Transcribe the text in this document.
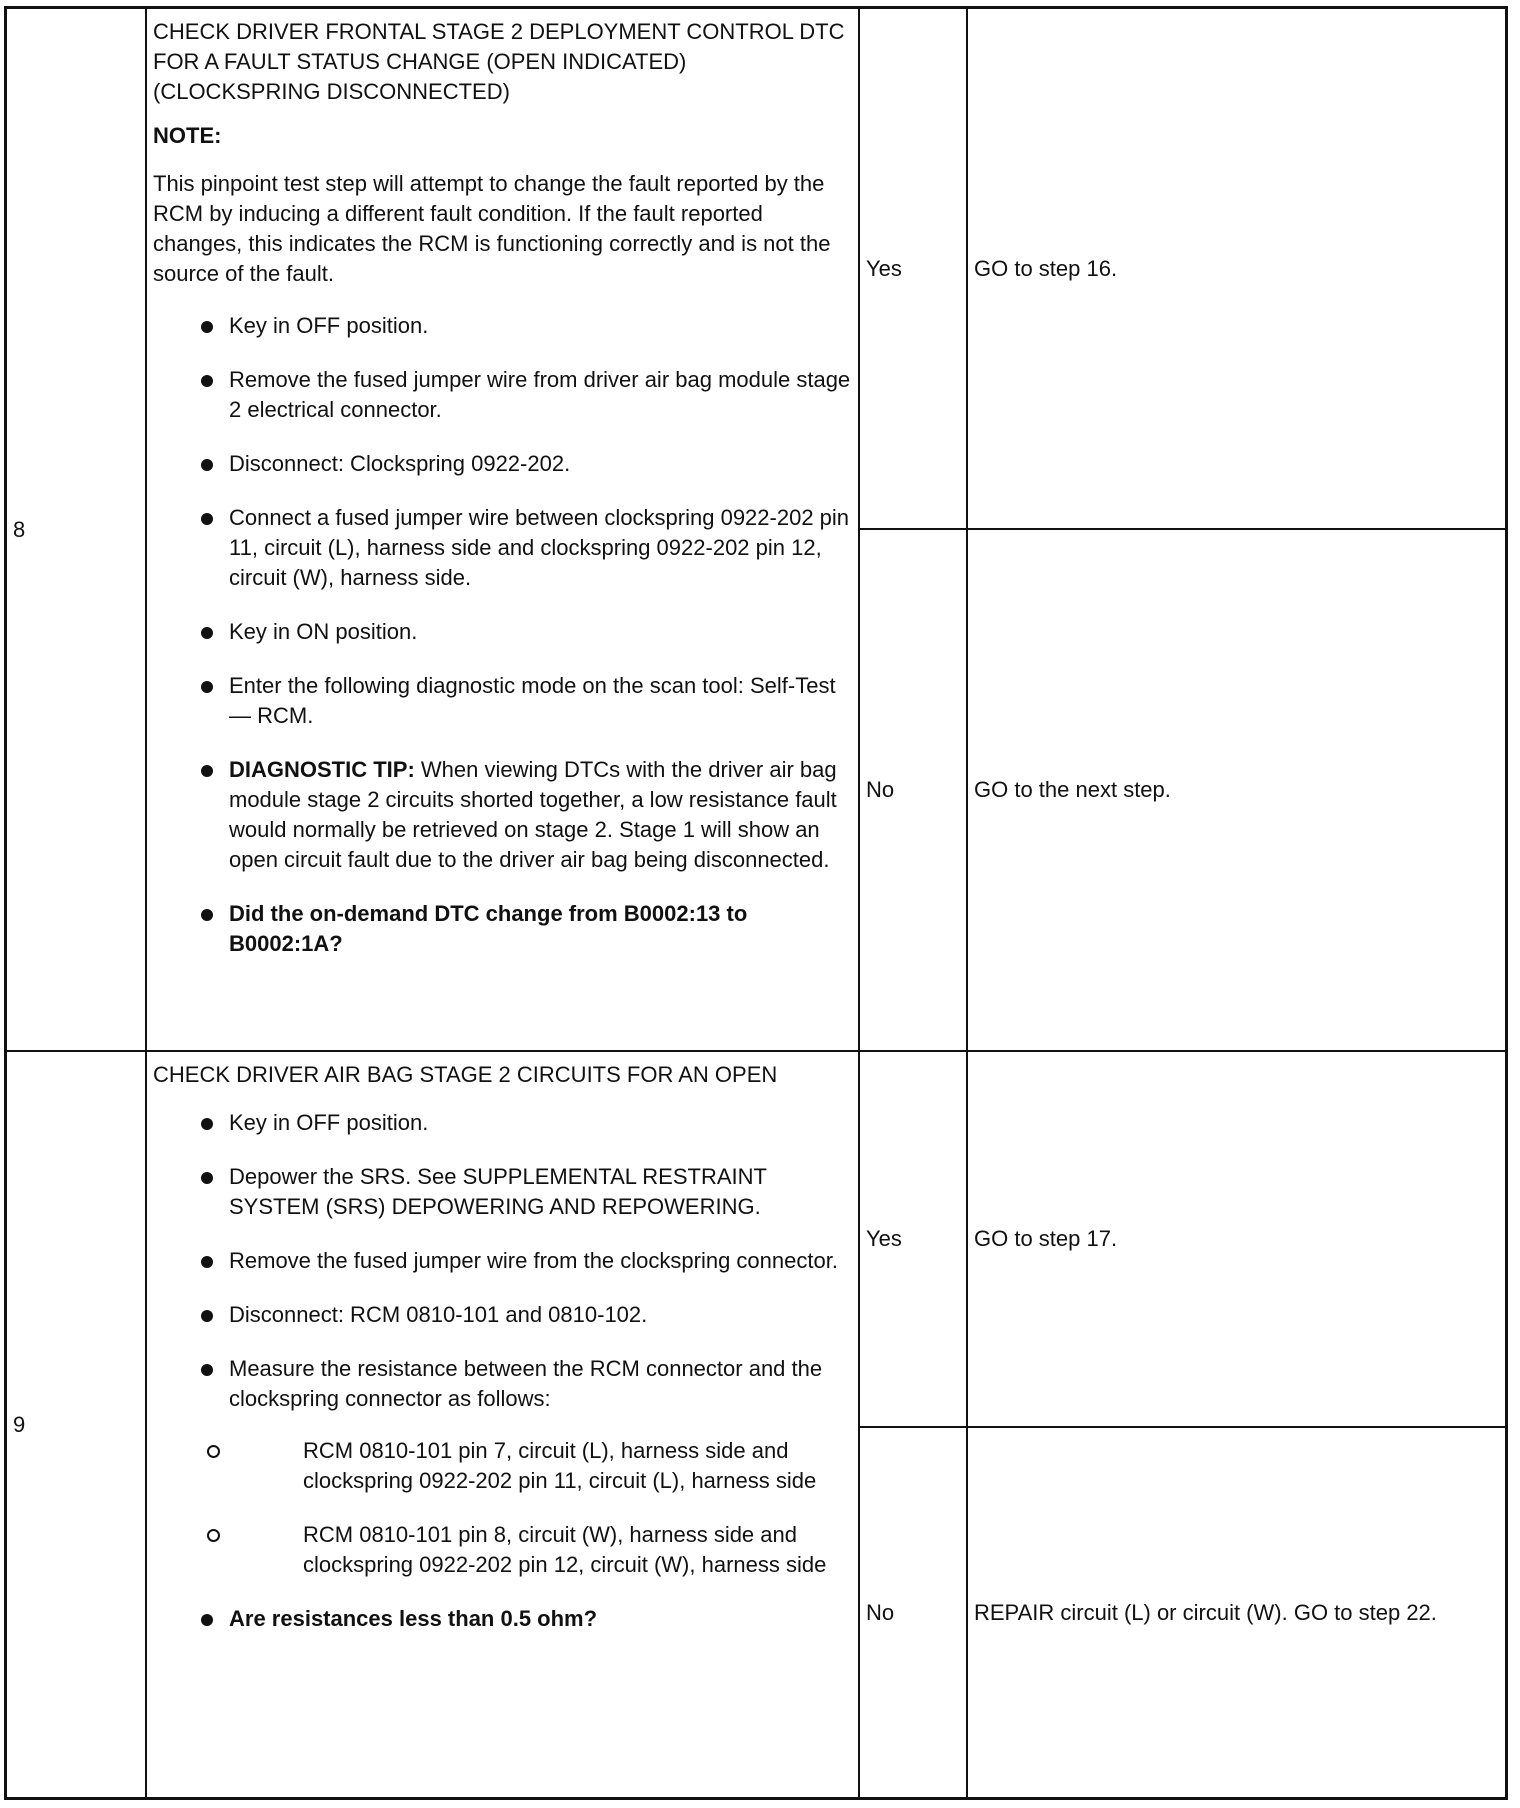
8
CHECK DRIVER FRONTAL STAGE 2 DEPLOYMENT CONTROL DTC FOR A FAULT STATUS CHANGE (OPEN INDICATED) (CLOCKSPRING DISCONNECTED)
NOTE:
This pinpoint test step will attempt to change the fault reported by the RCM by inducing a different fault condition. If the fault reported changes, this indicates the RCM is functioning correctly and is not the source of the fault.
Key in OFF position.
Remove the fused jumper wire from driver air bag module stage 2 electrical connector.
Disconnect: Clockspring 0922-202.
Connect a fused jumper wire between clockspring 0922-202 pin 11, circuit (L), harness side and clockspring 0922-202 pin 12, circuit (W), harness side.
Key in ON position.
Enter the following diagnostic mode on the scan tool: Self-Test — RCM.
DIAGNOSTIC TIP: When viewing DTCs with the driver air bag module stage 2 circuits shorted together, a low resistance fault would normally be retrieved on stage 2. Stage 1 will show an open circuit fault due to the driver air bag being disconnected.
Did the on-demand DTC change from B0002:13 to B0002:1A?
Yes
No
GO to step 16.
GO to the next step.
9
CHECK DRIVER AIR BAG STAGE 2 CIRCUITS FOR AN OPEN
Key in OFF position.
Depower the SRS. See SUPPLEMENTAL RESTRAINT SYSTEM (SRS) DEPOWERING AND REPOWERING.
Remove the fused jumper wire from the clockspring connector.
Disconnect: RCM 0810-101 and 0810-102.
Measure the resistance between the RCM connector and the clockspring connector as follows:
RCM 0810-101 pin 7, circuit (L), harness side and clockspring 0922-202 pin 11, circuit (L), harness side
RCM 0810-101 pin 8, circuit (W), harness side and clockspring 0922-202 pin 12, circuit (W), harness side
Are resistances less than 0.5 ohm?
Yes
No
GO to step 17.
REPAIR circuit (L) or circuit (W). GO to step 22.
